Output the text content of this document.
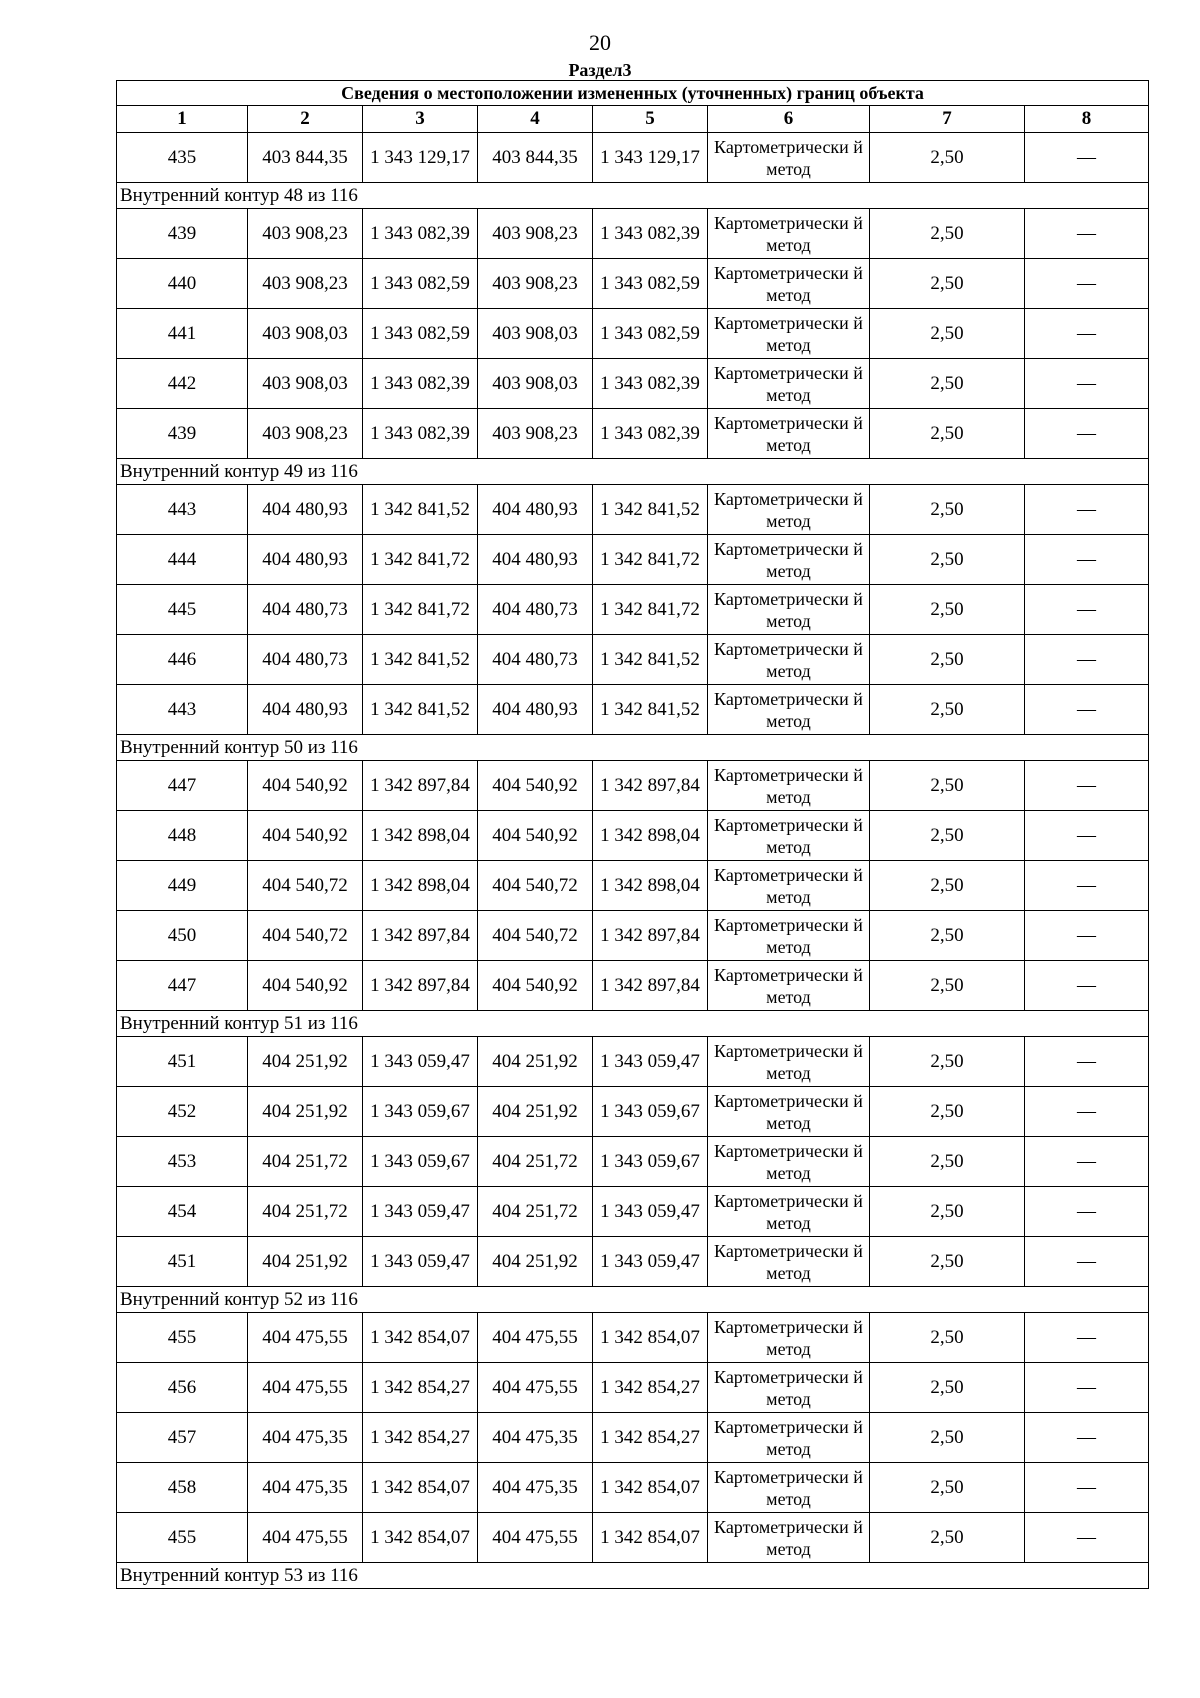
20
Раздел3
Сведения о местоположении измененных (уточненных) границ объекта							
1	2	3	4	5	6	7	8
435	403 844,35	1 343 129,17	403 844,35	1 343 129,17	Картометрически й метод	2,50	—
Внутренний контур 48 из 116							
439	403 908,23	1 343 082,39	403 908,23	1 343 082,39	Картометрически й метод	2,50	—
440	403 908,23	1 343 082,59	403 908,23	1 343 082,59	Картометрически й метод	2,50	—
441	403 908,03	1 343 082,59	403 908,03	1 343 082,59	Картометрически й метод	2,50	—
442	403 908,03	1 343 082,39	403 908,03	1 343 082,39	Картометрически й метод	2,50	—
439	403 908,23	1 343 082,39	403 908,23	1 343 082,39	Картометрически й метод	2,50	—
Внутренний контур 49 из 116							
443	404 480,93	1 342 841,52	404 480,93	1 342 841,52	Картометрически й метод	2,50	—
444	404 480,93	1 342 841,72	404 480,93	1 342 841,72	Картометрически й метод	2,50	—
445	404 480,73	1 342 841,72	404 480,73	1 342 841,72	Картометрически й метод	2,50	—
446	404 480,73	1 342 841,52	404 480,73	1 342 841,52	Картометрически й метод	2,50	—
443	404 480,93	1 342 841,52	404 480,93	1 342 841,52	Картометрически й метод	2,50	—
Внутренний контур 50 из 116							
447	404 540,92	1 342 897,84	404 540,92	1 342 897,84	Картометрически й метод	2,50	—
448	404 540,92	1 342 898,04	404 540,92	1 342 898,04	Картометрически й метод	2,50	—
449	404 540,72	1 342 898,04	404 540,72	1 342 898,04	Картометрически й метод	2,50	—
450	404 540,72	1 342 897,84	404 540,72	1 342 897,84	Картометрически й метод	2,50	—
447	404 540,92	1 342 897,84	404 540,92	1 342 897,84	Картометрически й метод	2,50	—
Внутренний контур 51 из 116							
451	404 251,92	1 343 059,47	404 251,92	1 343 059,47	Картометрически й метод	2,50	—
452	404 251,92	1 343 059,67	404 251,92	1 343 059,67	Картометрически й метод	2,50	—
453	404 251,72	1 343 059,67	404 251,72	1 343 059,67	Картометрически й метод	2,50	—
454	404 251,72	1 343 059,47	404 251,72	1 343 059,47	Картометрически й метод	2,50	—
451	404 251,92	1 343 059,47	404 251,92	1 343 059,47	Картометрически й метод	2,50	—
Внутренний контур 52 из 116							
455	404 475,55	1 342 854,07	404 475,55	1 342 854,07	Картометрически й метод	2,50	—
456	404 475,55	1 342 854,27	404 475,55	1 342 854,27	Картометрически й метод	2,50	—
457	404 475,35	1 342 854,27	404 475,35	1 342 854,27	Картометрически й метод	2,50	—
458	404 475,35	1 342 854,07	404 475,35	1 342 854,07	Картометрически й метод	2,50	—
455	404 475,55	1 342 854,07	404 475,55	1 342 854,07	Картометрически й метод	2,50	—
Внутренний контур 53 из 116							
